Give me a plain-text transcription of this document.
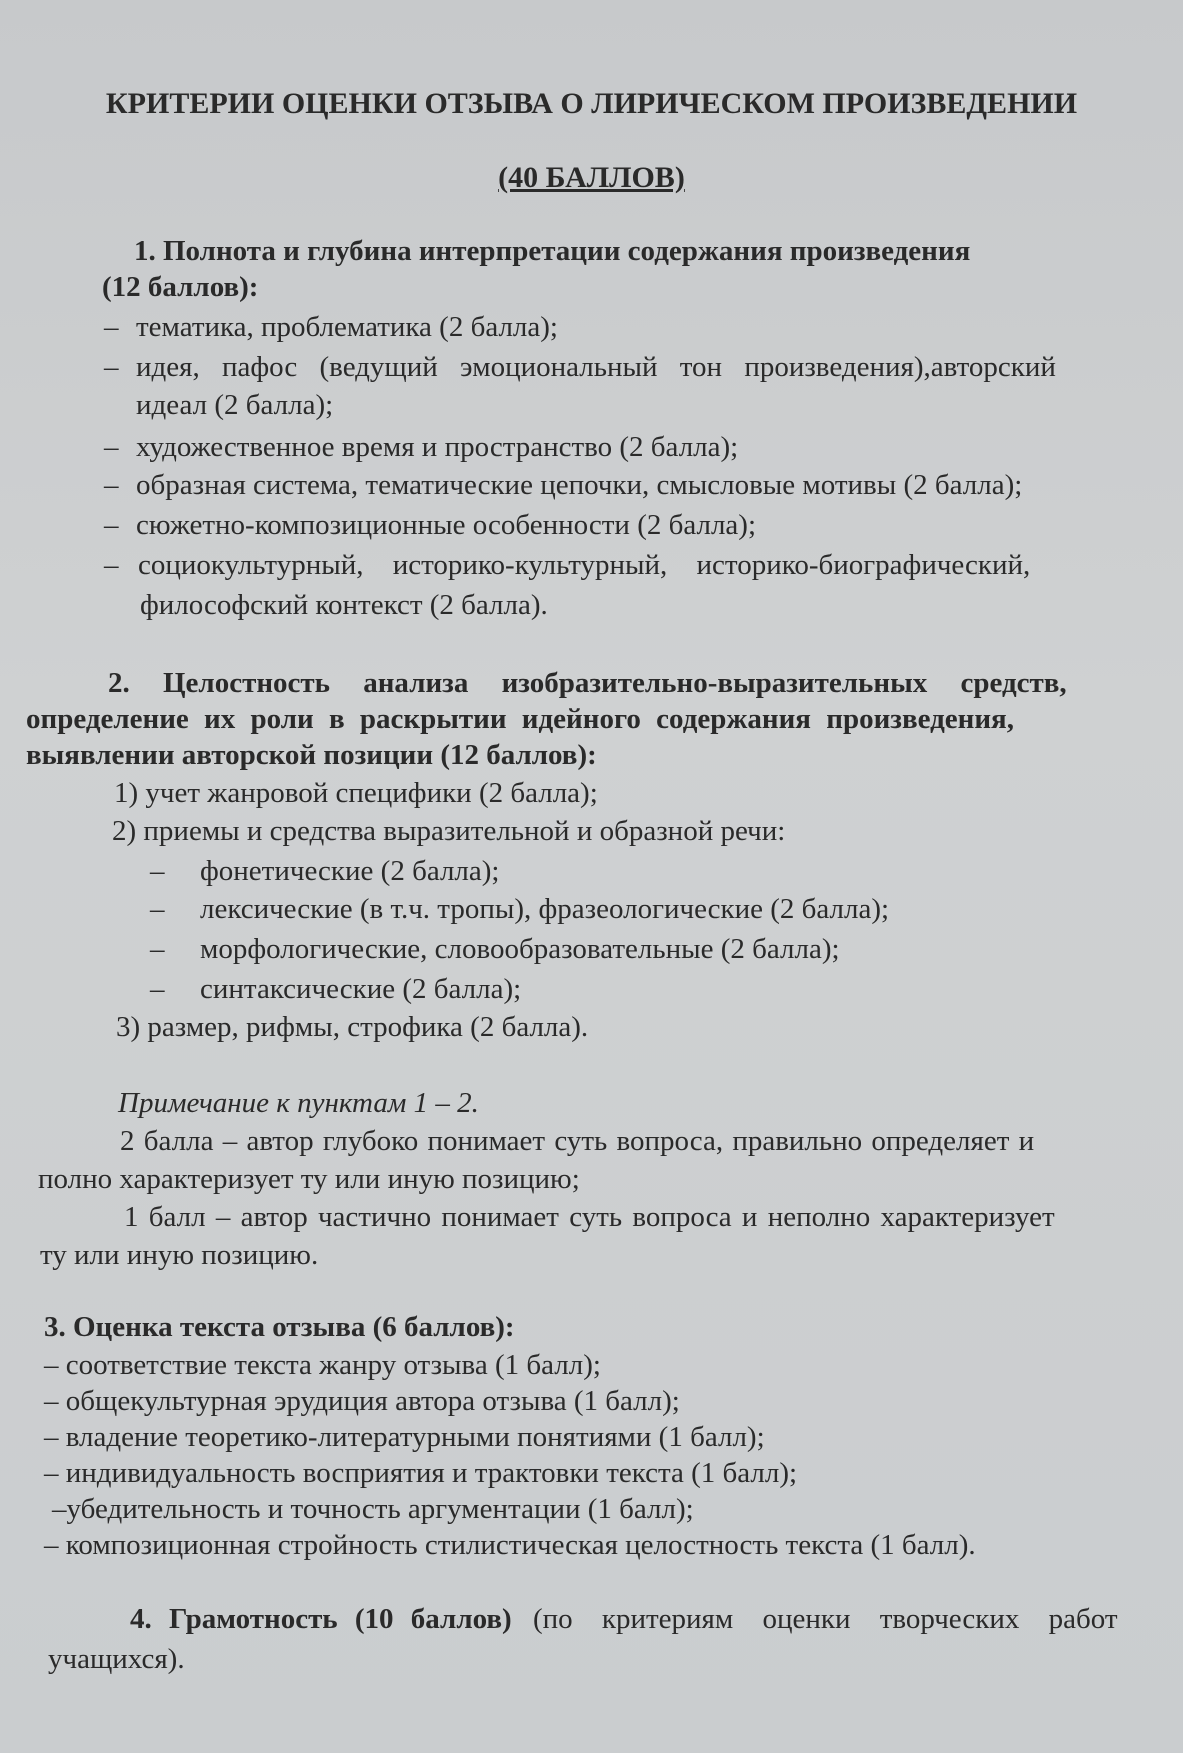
КРИТЕРИИ ОЦЕНКИ ОТЗЫВА О ЛИРИЧЕСКОМ ПРОИЗВЕДЕНИИ
(40 БАЛЛОВ)
1. Полнота и глубина интерпретации содержания произведения
(12 баллов):
– тематика, проблематика (2 балла);
– идея, пафос (ведущий эмоциональный тон произведения),авторский
идеал (2 балла);
– художественное время и пространство (2 балла);
– образная система, тематические цепочки, смысловые мотивы (2 балла);
– сюжетно-композиционные особенности (2 балла);
– социокультурный, историко-культурный, историко-биографический,
философский контекст (2 балла).
2. Целостность анализа изобразительно-выразительных средств,
определение их роли в раскрытии идейного содержания произведения,
выявлении авторской позиции (12 баллов):
1) учет жанровой специфики (2 балла);
2) приемы и средства выразительной и образной речи:
– фонетические (2 балла);
– лексические (в т.ч. тропы), фразеологические (2 балла);
– морфологические, словообразовательные (2 балла);
– синтаксические (2 балла);
3) размер, рифмы, строфика (2 балла).
Примечание к пунктам 1 – 2.
2 балла – автор глубоко понимает суть вопроса, правильно определяет и
полно характеризует ту или иную позицию;
1 балл – автор частично понимает суть вопроса и неполно характеризует
ту или иную позицию.
3. Оценка текста отзыва (6 баллов):
– соответствие текста жанру отзыва (1 балл);
– общекультурная эрудиция автора отзыва (1 балл);
– владение теоретико-литературными понятиями (1 балл);
– индивидуальность восприятия и трактовки текста (1 балл);
–убедительность и точность аргументации (1 балл);
– композиционная стройность стилистическая целостность текста (1 балл).
4. Грамотность (10 баллов) (по критериям оценки творческих работ
учащихся).
